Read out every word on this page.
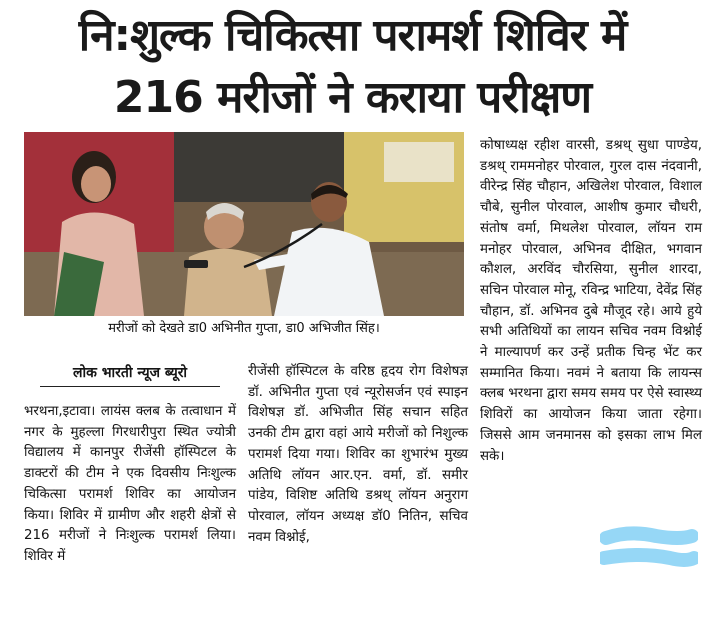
नि:शुल्क चिकित्सा परामर्श शिविर में
216 मरीजों ने कराया परीक्षण
मरीजों को देखते डा0 अभिनीत गुप्ता, डा0 अभिजीत सिंह।
लोक भारती न्यूज ब्यूरो

भरथना,इटावा। लायंस क्लब के तत्वाधान में नगर के मुहल्ला गिरधारीपुरा स्थित ज्योत्री विद्यालय में कानपुर रीजेंसी हॉस्पिटल के डाक्टरों की टीम ने एक दिवसीय निःशुल्क चिकित्सा परामर्श शिविर का आयोजन किया। शिविर में ग्रामीण और शहरी क्षेत्रों से 216 मरीजों ने निःशुल्क परामर्श लिया।शिविर में

रीजेंसी हॉस्पिटल के वरिष्ठ हृदय रोग विशेषज्ञ डॉ. अभिनीत गुप्ता एवं न्यूरोसर्जन एवं स्पाइन विशेषज्ञ डॉ. अभिजीत सिंह सचान सहित उनकी टीम द्वारा वहां आये मरीजों को निशुल्क परामर्श दिया गया। शिविर का शुभारंभ मुख्य अतिथि लॉयन आर.एन. वर्मा, डॉ. समीर पांडेय, विशिष्ट अतिथि डश्रथ् लॉयन अनुराग पोरवाल, लॉयन अध्यक्ष डॉ0 नितिन, सचिव नवम विश्नोई,

कोषाध्यक्ष रहीश वारसी, डश्रथ् सुधा पाण्डेय, डश्रथ् राममनोहर पोरवाल, गुरल दास नंदवानी, वीरेन्द्र सिंह चौहान, अखिलेश पोरवाल, विशाल चौबे, सुनील पोरवाल, आशीष कुमार चौधरी, संतोष वर्मा, मिथलेश पोरवाल, लॉयन राम मनोहर पोरवाल, अभिनव दीक्षित, भगवान कौशल, अरविंद चौरसिया, सुनील शारदा, सचिन पोरवाल मोनू, रविन्द्र भाटिया, देवेंद्र सिंह चौहान, डॉ. अभिनव दुबे मौजूद रहे। आये हुये सभी अतिथियों का लायन सचिव नवम विश्नोई ने माल्यापर्ण कर उन्हें प्रतीक चिन्ह भेंट कर सम्मानित किया। नवमं ने बताया कि लायन्स क्लब भरथना द्वारा समय समय पर ऐसे स्वास्थ्य शिविरों का आयोजन किया जाता रहेगा। जिससे आम जनमानस को इसका लाभ मिल सके।
